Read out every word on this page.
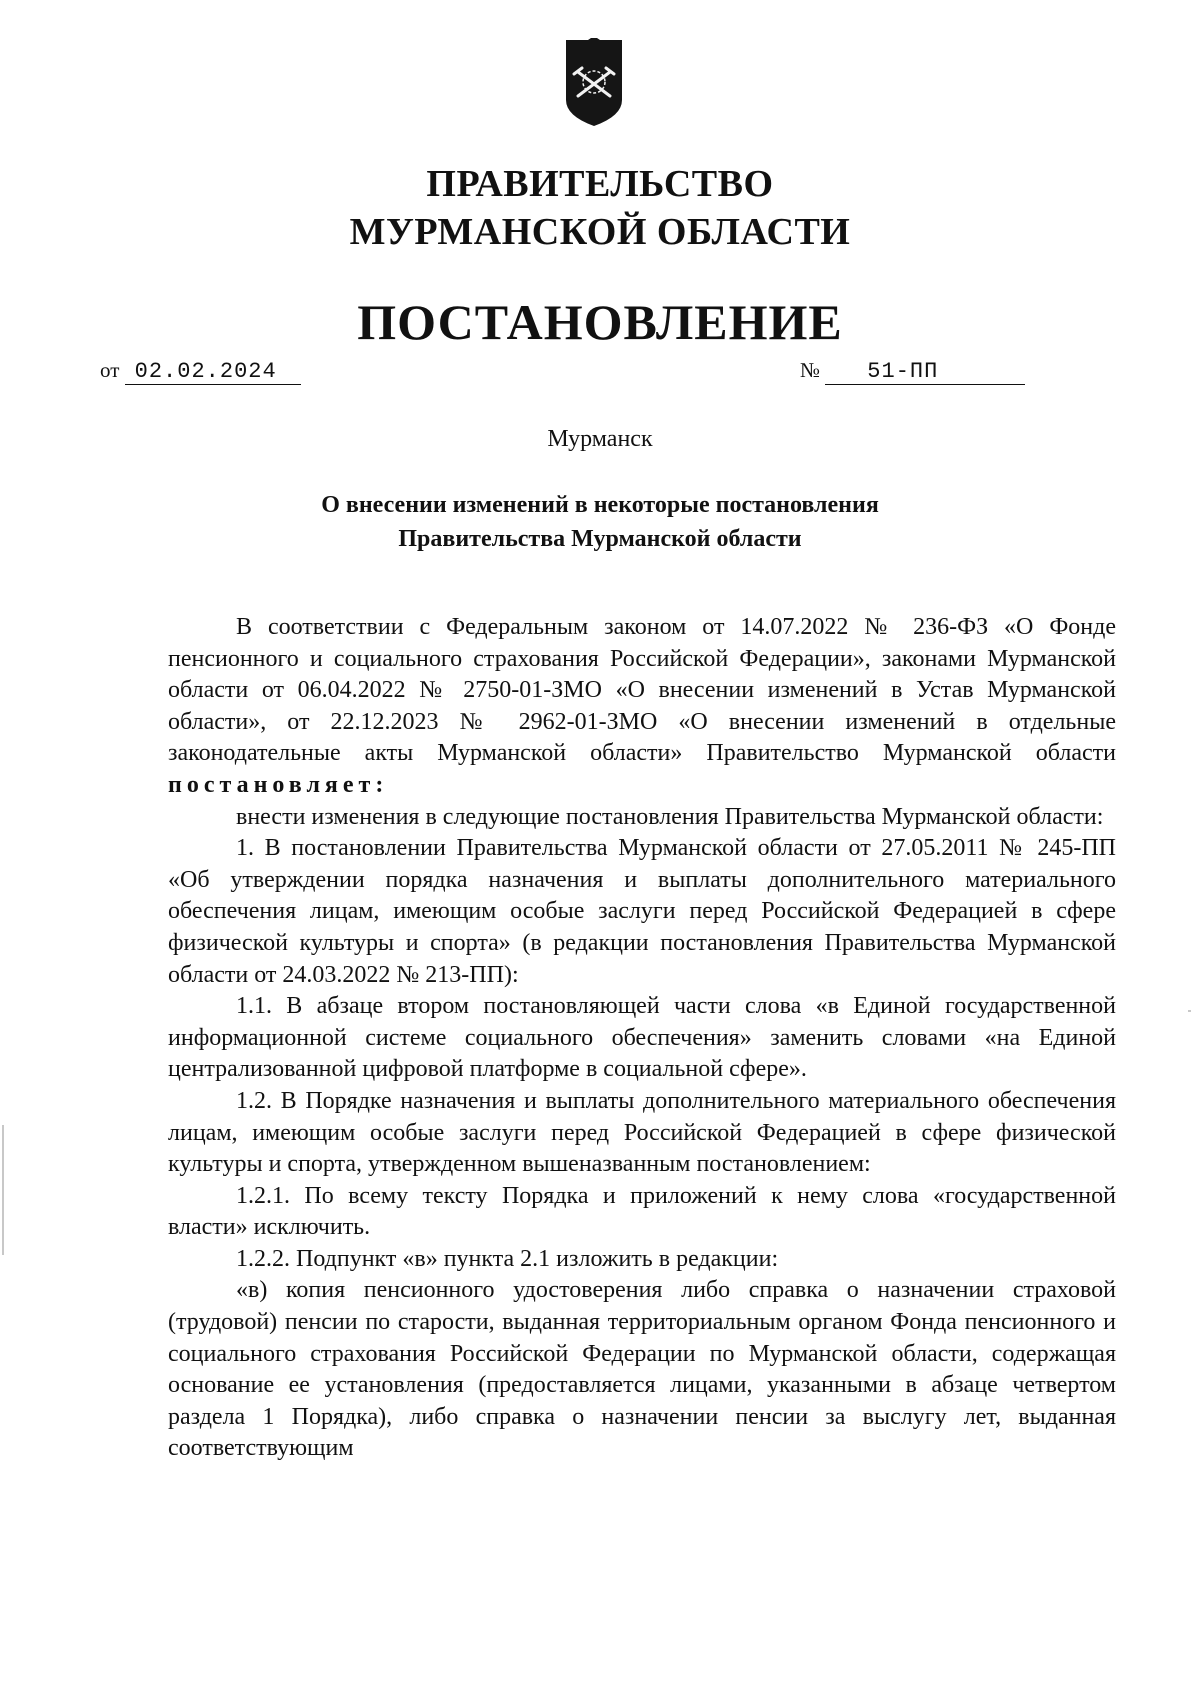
ПРАВИТЕЛЬСТВО
МУРМАНСКОЙ ОБЛАСТИ
ПОСТАНОВЛЕНИЕ
от 02.02.2024	№ 51-ПП
Мурманск
О внесении изменений в некоторые постановления
Правительства Мурманской области

В соответствии с Федеральным законом от 14.07.2022 № 236-ФЗ «О Фонде пенсионного и социального страхования Российской Федерации», законами Мурманской области от 06.04.2022 № 2750-01-ЗМО «О внесении изменений в Устав Мурманской области», от 22.12.2023 № 2962-01-ЗМО «О внесении изменений в отдельные законодательные акты Мурманской области» Правительство Мурманской области постановляет:

внести изменения в следующие постановления Правительства Мурманской области:

1. В постановлении Правительства Мурманской области от 27.05.2011 № 245-ПП «Об утверждении порядка назначения и выплаты дополнительного материального обеспечения лицам, имеющим особые заслуги перед Российской Федерацией в сфере физической культуры и спорта» (в редакции постановления Правительства Мурманской области от 24.03.2022 № 213-ПП):

1.1. В абзаце втором постановляющей части слова «в Единой государственной информационной системе социального обеспечения» заменить словами «на Единой централизованной цифровой платформе в социальной сфере».

1.2. В Порядке назначения и выплаты дополнительного материального обеспечения лицам, имеющим особые заслуги перед Российской Федерацией в сфере физической культуры и спорта, утвержденном вышеназванным постановлением:

1.2.1. По всему тексту Порядка и приложений к нему слова «государственной власти» исключить.

1.2.2. Подпункт «в» пункта 2.1 изложить в редакции:

«в) копия пенсионного удостоверения либо справка о назначении страховой (трудовой) пенсии по старости, выданная территориальным органом Фонда пенсионного и социального страхования Российской Федерации по Мурманской области, содержащая основание ее установления (предоставляется лицами, указанными в абзаце четвертом раздела 1 Порядка), либо справка о назначении пенсии за выслугу лет, выданная соответствующим
